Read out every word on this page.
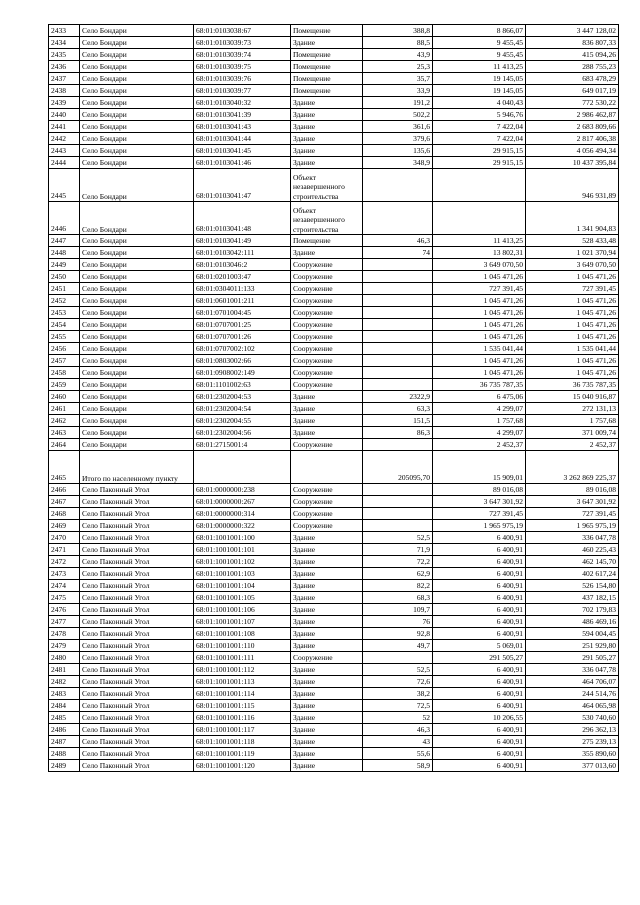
2433	Село Бондари	68:01:0103038:67	Помещение	388,8	8 866,07	3 447 128,02
2434	Село Бондари	68:01:0103039:73	Здание	88,5	9 455,45	836 807,33
2435	Село Бондари	68:01:0103039:74	Помещение	43,9	9 455,45	415 094,26
2436	Село Бондари	68:01:0103039:75	Помещение	25,3	11 413,25	288 755,23
2437	Село Бондари	68:01:0103039:76	Помещение	35,7	19 145,05	683 478,29
2438	Село Бондари	68:01:0103039:77	Помещение	33,9	19 145,05	649 017,19
2439	Село Бондари	68:01:0103040:32	Здание	191,2	4 040,43	772 530,22
2440	Село Бондари	68:01:0103041:39	Здание	502,2	5 946,76	2 986 462,87
2441	Село Бондари	68:01:0103041:43	Здание	361,6	7 422,04	2 683 809,66
2442	Село Бондари	68:01:0103041:44	Здание	379,6	7 422,04	2 817 406,38
2443	Село Бондари	68:01:0103041:45	Здание	135,6	29 915,15	4 056 494,34
2444	Село Бондари	68:01:0103041:46	Здание	348,9	29 915,15	10 437 395,84
2445	Село Бондари	68:01:0103041:47	Объект незавершенного строительства			946 931,89
2446	Село Бондари	68:01:0103041:48	Объект незавершенного строительства			1 341 904,83
2447	Село Бондари	68:01:0103041:49	Помещение	46,3	11 413,25	528 433,48
2448	Село Бондари	68:01:0103042:111	Здание	74	13 802,31	1 021 370,94
2449	Село Бондари	68:01:0103046:2	Сооружение		3 649 070,50	3 649 070,50
2450	Село Бондари	68:01:0201003:47	Сооружение		1 045 471,26	1 045 471,26
2451	Село Бондари	68:01:0304011:133	Сооружение		727 391,45	727 391,45
2452	Село Бондари	68:01:0601001:211	Сооружение		1 045 471,26	1 045 471,26
2453	Село Бондари	68:01:0701004:45	Сооружение		1 045 471,26	1 045 471,26
2454	Село Бондари	68:01:0707001:25	Сооружение		1 045 471,26	1 045 471,26
2455	Село Бондари	68:01:0707001:26	Сооружение		1 045 471,26	1 045 471,26
2456	Село Бондари	68:01:0707002:102	Сооружение		1 535 041,44	1 535 041,44
2457	Село Бондари	68:01:0803002:66	Сооружение		1 045 471,26	1 045 471,26
2458	Село Бондари	68:01:0908002:149	Сооружение		1 045 471,26	1 045 471,26
2459	Село Бондари	68:01:1101002:63	Сооружение		36 735 787,35	36 735 787,35
2460	Село Бондари	68:01:2302004:53	Здание	2322,9	6 475,06	15 040 916,87
2461	Село Бондари	68:01:2302004:54	Здание	63,3	4 299,07	272 131,13
2462	Село Бондари	68:01:2302004:55	Здание	151,5	1 757,68	1 757,68
2463	Село Бондари	68:01:2302004:56	Здание	86,3	4 299,07	371 009,74
2464	Село Бондари	68:01:2715001:4	Сооружение		2 452,37	2 452,37
2465	Итого по населенному пункту			205095,70	15 909,01	3 262 869 225,37
2466	Село Паконный Угол	68:01:0000000:238	Сооружение		89 016,08	89 016,08
2467	Село Паконный Угол	68:01:0000000:267	Сооружение		3 647 301,92	3 647 301,92
2468	Село Паконный Угол	68:01:0000000:314	Сооружение		727 391,45	727 391,45
2469	Село Паконный Угол	68:01:0000000:322	Сооружение		1 965 975,19	1 965 975,19
2470	Село Паконный Угол	68:01:1001001:100	Здание	52,5	6 400,91	336 047,78
2471	Село Паконный Угол	68:01:1001001:101	Здание	71,9	6 400,91	460 225,43
2472	Село Паконный Угол	68:01:1001001:102	Здание	72,2	6 400,91	462 145,70
2473	Село Паконный Угол	68:01:1001001:103	Здание	62,9	6 400,91	402 617,24
2474	Село Паконный Угол	68:01:1001001:104	Здание	82,2	6 400,91	526 154,80
2475	Село Паконный Угол	68:01:1001001:105	Здание	68,3	6 400,91	437 182,15
2476	Село Паконный Угол	68:01:1001001:106	Здание	109,7	6 400,91	702 179,83
2477	Село Паконный Угол	68:01:1001001:107	Здание	76	6 400,91	486 469,16
2478	Село Паконный Угол	68:01:1001001:108	Здание	92,8	6 400,91	594 004,45
2479	Село Паконный Угол	68:01:1001001:110	Здание	49,7	5 069,01	251 929,80
2480	Село Паконный Угол	68:01:1001001:111	Сооружение		291 505,27	291 505,27
2481	Село Паконный Угол	68:01:1001001:112	Здание	52,5	6 400,91	336 047,78
2482	Село Паконный Угол	68:01:1001001:113	Здание	72,6	6 400,91	464 706,07
2483	Село Паконный Угол	68:01:1001001:114	Здание	38,2	6 400,91	244 514,76
2484	Село Паконный Угол	68:01:1001001:115	Здание	72,5	6 400,91	464 065,98
2485	Село Паконный Угол	68:01:1001001:116	Здание	52	10 206,55	530 740,60
2486	Село Паконный Угол	68:01:1001001:117	Здание	46,3	6 400,91	296 362,13
2487	Село Паконный Угол	68:01:1001001:118	Здание	43	6 400,91	275 239,13
2488	Село Паконный Угол	68:01:1001001:119	Здание	55,6	6 400,91	355 890,60
2489	Село Паконный Угол	68:01:1001001:120	Здание	58,9	6 400,91	377 013,60
